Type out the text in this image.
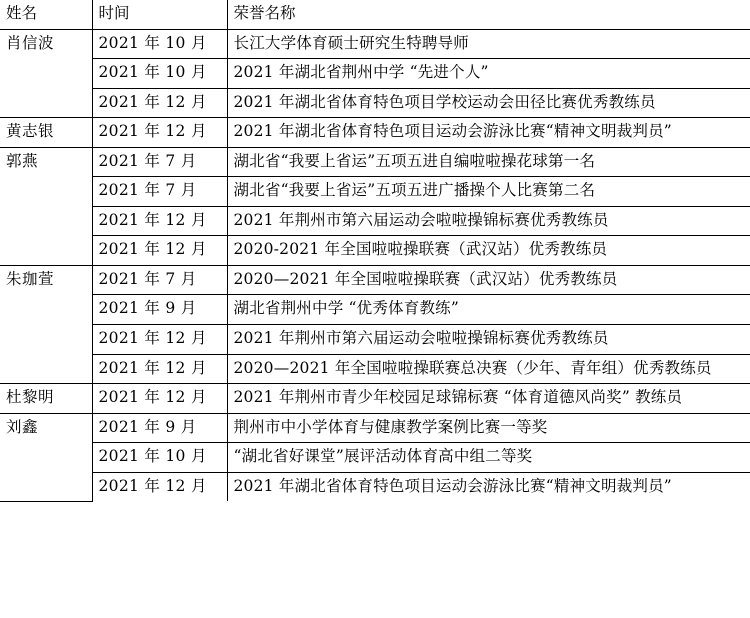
姓名	时间	荣誉名称
肖信波	2021 年 10 月	长江大学体育硕士研究生特聘导师
	2021 年 10 月	2021 年湖北省荆州中学 “先进个人”
	2021 年 12 月	2021 年湖北省体育特色项目学校运动会田径比赛优秀教练员
黄志银	2021 年 12 月	2021 年湖北省体育特色项目运动会游泳比赛“精神文明裁判员”
郭燕	2021 年 7 月	湖北省“我要上省运”五项五进自编啦啦操花球第一名
	2021 年 7 月	湖北省“我要上省运”五项五进广播操个人比赛第二名
	2021 年 12 月	2021 年荆州市第六届运动会啦啦操锦标赛优秀教练员
	2021 年 12 月	2020-2021 年全国啦啦操联赛（武汉站）优秀教练员
朱珈萱	2021 年 7 月	2020—2021 年全国啦啦操联赛（武汉站）优秀教练员
	2021 年 9 月	湖北省荆州中学 “优秀体育教练”
	2021 年 12 月	2021 年荆州市第六届运动会啦啦操锦标赛优秀教练员
	2021 年 12 月	2020—2021 年全国啦啦操联赛总决赛（少年、青年组）优秀教练员
杜黎明	2021 年 12 月	2021 年荆州市青少年校园足球锦标赛 “体育道德风尚奖” 教练员
刘鑫	2021 年 9 月	荆州市中小学体育与健康教学案例比赛一等奖
	2021 年 10 月	“湖北省好课堂”展评活动体育高中组二等奖
	2021 年 12 月	2021 年湖北省体育特色项目运动会游泳比赛“精神文明裁判员”
